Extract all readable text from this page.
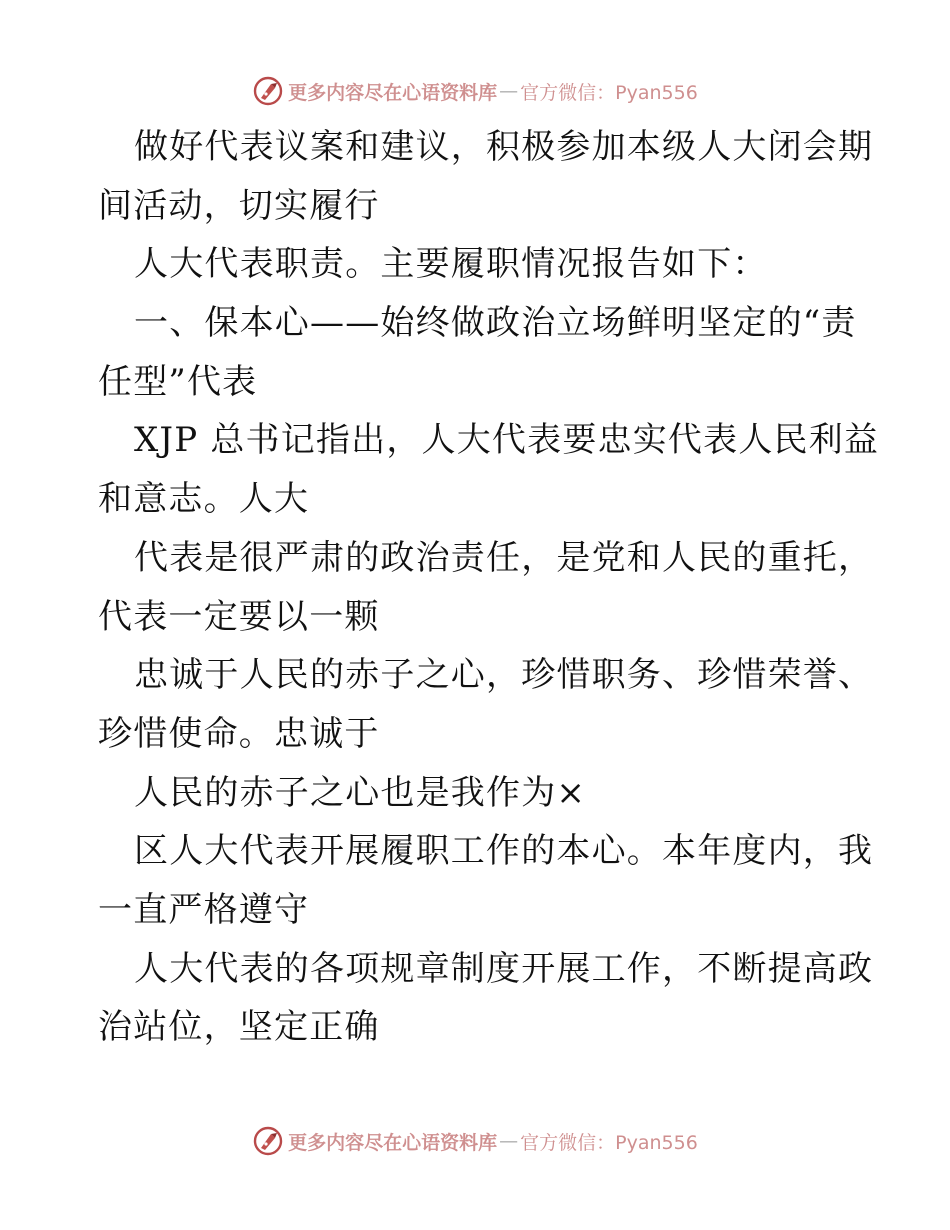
更多内容尽在心语资料库 — 官方微信：Pyan556
做好代表议案和建议，积极参加本级人大闭会期
间活动，切实履行
人大代表职责。主要履职情况报告如下：
一、保本心——始终做政治立场鲜明坚定的“责
任型”代表
XJP 总书记指出，人大代表要忠实代表人民利益
和意志。人大
代表是很严肃的政治责任，是党和人民的重托，
代表一定要以一颗
忠诚于人民的赤子之心，珍惜职务、珍惜荣誉、
珍惜使命。忠诚于
人民的赤子之心也是我作为×
区人大代表开展履职工作的本心。本年度内，我
一直严格遵守
人大代表的各项规章制度开展工作，不断提高政
治站位，坚定正确
更多内容尽在心语资料库 — 官方微信：Pyan556
